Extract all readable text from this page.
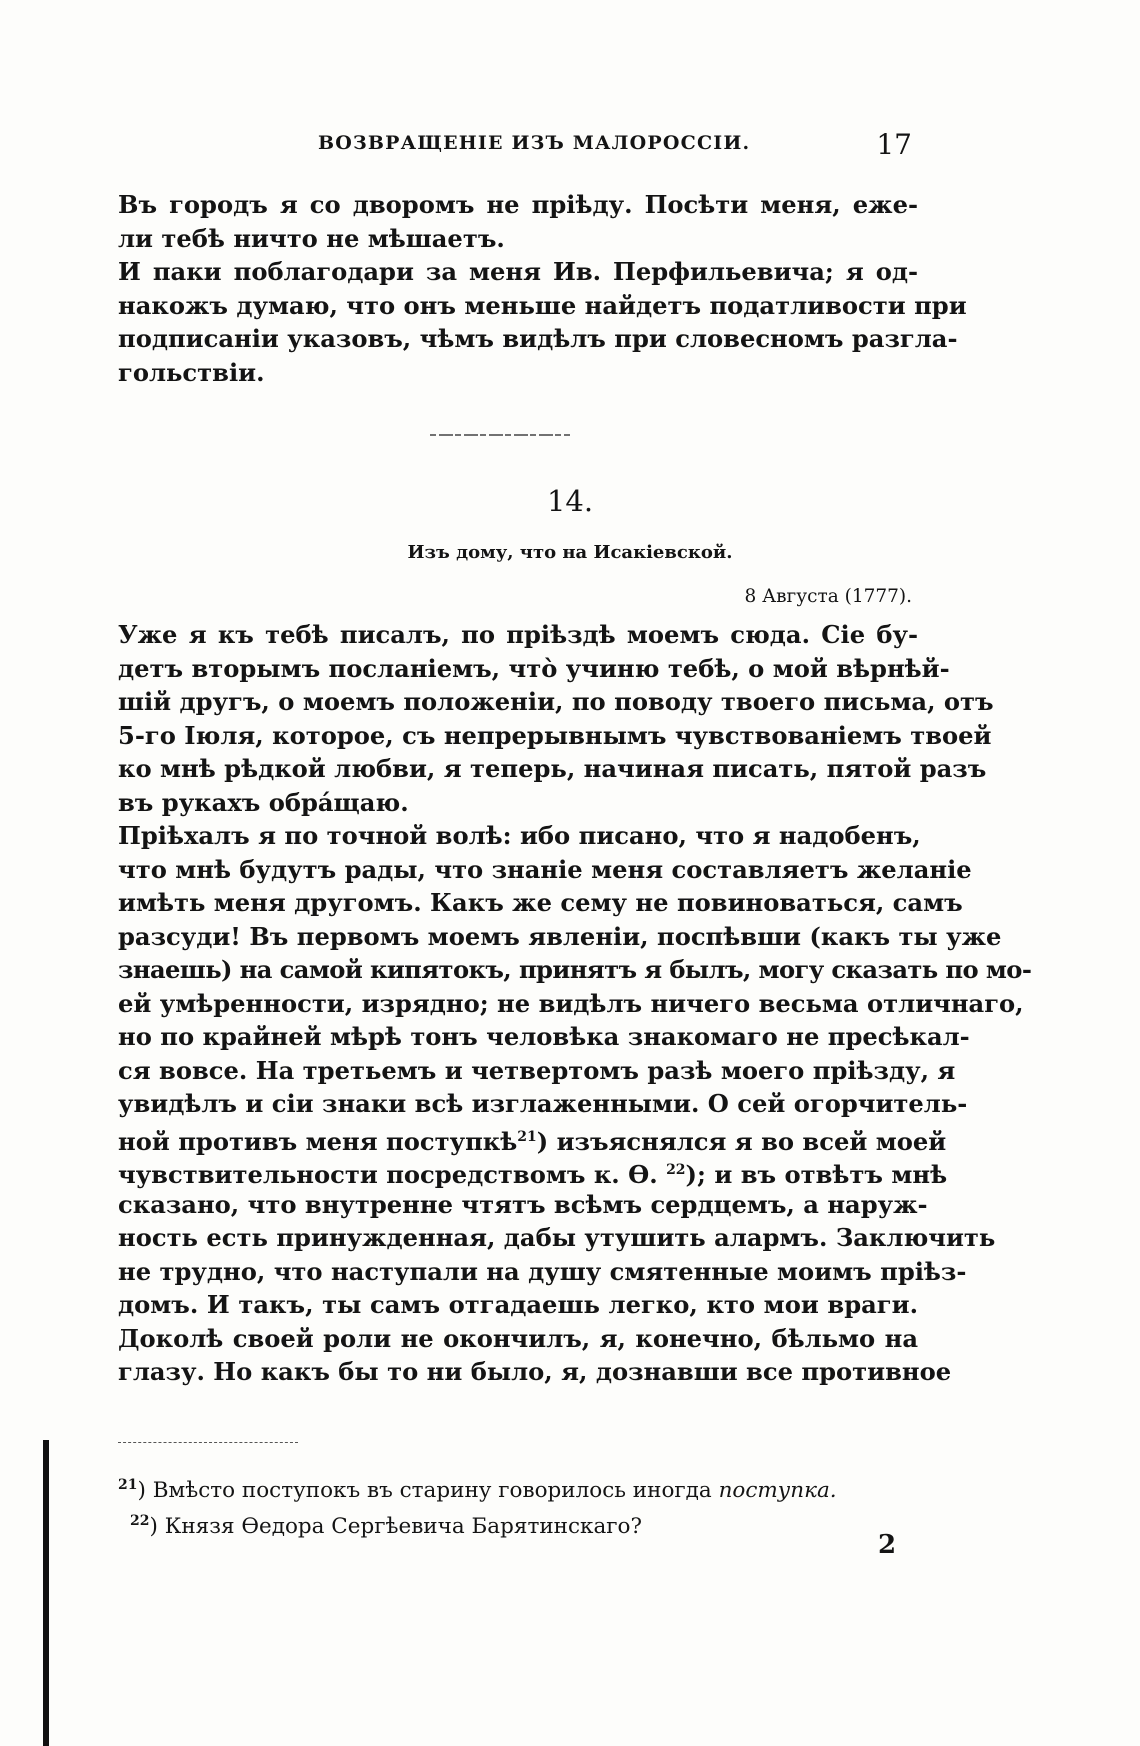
ВОЗВРАЩЕНIЕ ИЗЪ МАЛОРОССIИ.	17

Въ городъ я со дворомъ не прiѣду. Посѣти меня, еже-
ли тебѣ ничто не мѣшаетъ.

И паки поблагодари за меня Ив. Перфильевича; я од-
накожъ думаю, что онъ меньше найдетъ податливости при
подписанiи указовъ, чѣмъ видѣлъ при словесномъ разгла-
гольствiи.

14.
Изъ дому, что на Исакiевской.
8 Августа (1777).

Уже я къ тебѣ писалъ, по прiѣздѣ моемъ сюда. Сiе бу-
детъ вторымъ посланiемъ, чтò учиню тебѣ, о мой вѣрнѣй-
шiй другъ, о моемъ положенiи, по поводу твоего письма, отъ
5-го Iюля, которое, съ непрерывнымъ чувствованiемъ твоей
ко мнѣ рѣдкой любви, я теперь, начиная писать, пятой разъ
въ рукахъ обрáщаю.

Прiѣхалъ я по точной волѣ: ибо писано, что я надобенъ,
что мнѣ будутъ рады, что знанiе меня составляетъ желанiе
имѣть меня другомъ. Какъ же сему не повиноваться, самъ
разсуди! Въ первомъ моемъ явленiи, поспѣвши (какъ ты уже
знаешь) на самой кипятокъ, принятъ я былъ, могу сказать по мо-
ей умѣренности, изрядно; не видѣлъ ничего весьма отличнаго,
но по крайней мѣрѣ тонъ человѣка знакомаго не пресѣкал-
ся вовсе. На третьемъ и четвертомъ разѣ моего прiѣзду, я
увидѣлъ и сiи знаки всѣ изглаженными. О сей огорчитель-
ной противъ меня поступкѣ$^{21}$) изъяснялся я во всей моей
чувствительности посредствомъ к. Ѳ. $^{22}$); и въ отвѣтъ мнѣ
сказано, что внутренне чтятъ всѣмъ сердцемъ, а наруж-
ность есть принужденная, дабы утушить алармъ. Заключить
не трудно, что наступали на душу смятенные моимъ прiѣз-
домъ. И такъ, ты самъ отгадаешь легко, кто мои враги.
Доколѣ своей роли не окончилъ, я, конечно, бѣльмо на
глазу. Но какъ бы то ни было, я, дознавши все противное

$^{21}$) Вмѣсто поступокъ въ старину говорилось иногда поступка.
$^{22}$) Князя Ѳедора Сергѣевича Барятинскаго?
2
